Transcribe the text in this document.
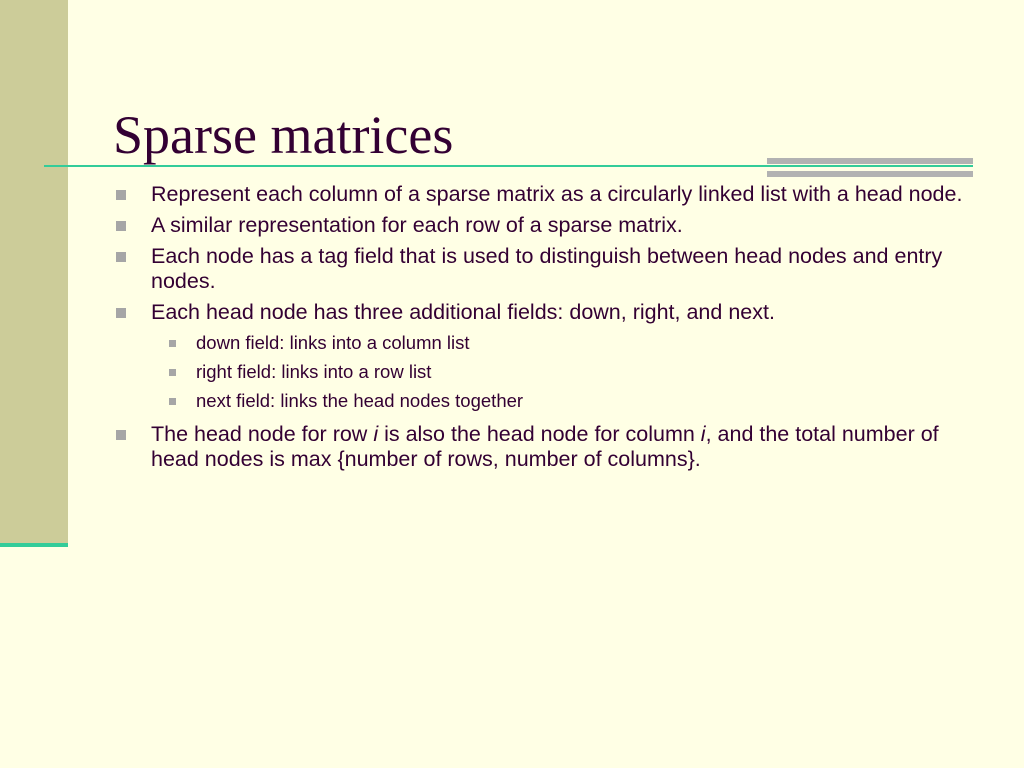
Sparse matrices
Represent each column of a sparse matrix as a circularly linked list with a head node.
A similar representation for each row of a sparse matrix.
Each node has a tag field that is used to distinguish between head nodes and entry nodes.
Each head node has three additional fields: down, right, and next.
down field: links into a column list
right field: links into a row list
next field: links the head nodes together
The head node for row i is also the head node for column i, and the total number of head nodes is max {number of rows, number of columns}.
